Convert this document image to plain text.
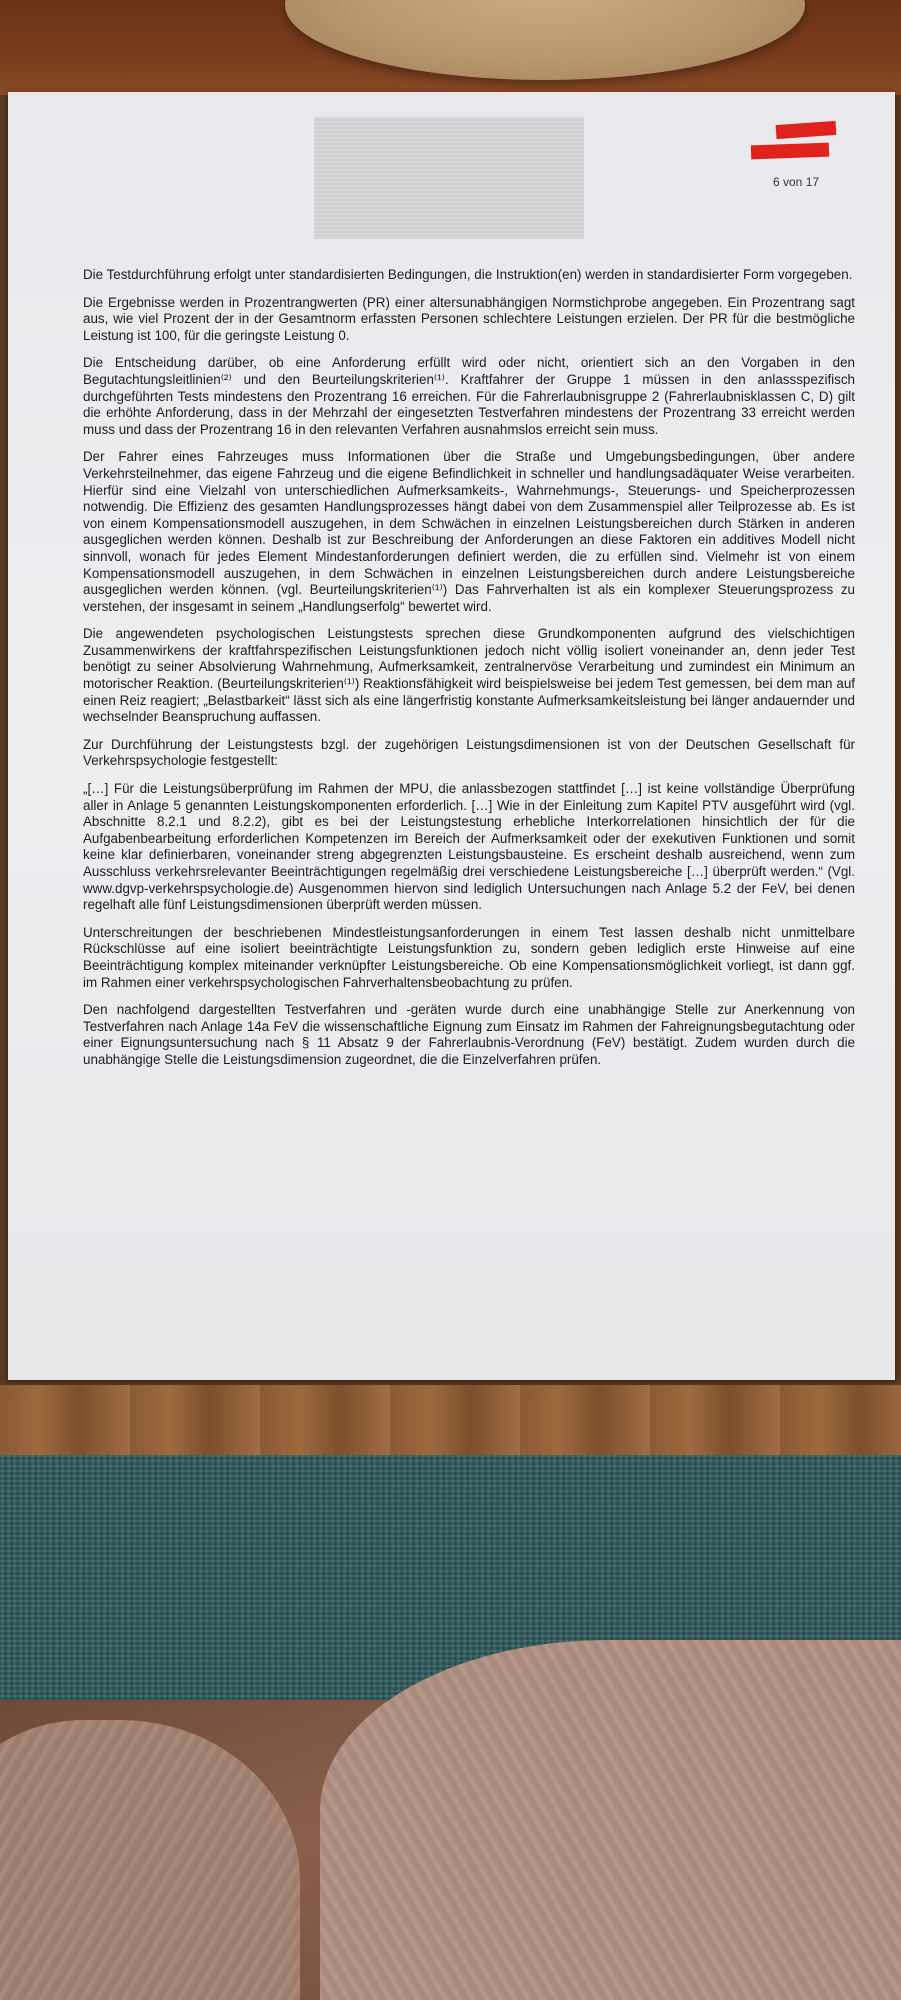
6 von 17

Die Testdurchführung erfolgt unter standardisierten Bedingungen, die Instruktion(en) werden in standardisierter Form vorgegeben.

Die Ergebnisse werden in Prozentrangwerten (PR) einer altersunabhängigen Normstichprobe angegeben. Ein Prozentrang sagt aus, wie viel Prozent der in der Gesamtnorm erfassten Personen schlechtere Leistungen erzielen. Der PR für die bestmögliche Leistung ist 100, für die geringste Leistung 0.

Die Entscheidung darüber, ob eine Anforderung erfüllt wird oder nicht, orientiert sich an den Vorgaben in den Begutachtungsleitlinien⁽²⁾ und den Beurteilungskriterien⁽¹⁾. Kraftfahrer der Gruppe 1 müssen in den anlassspezifisch durchgeführten Tests mindestens den Prozentrang 16 erreichen. Für die Fahrerlaubnisgruppe 2 (Fahrerlaubnisklassen C, D) gilt die erhöhte Anforderung, dass in der Mehrzahl der eingesetzten Testverfahren mindestens der Prozentrang 33 erreicht werden muss und dass der Prozentrang 16 in den relevanten Verfahren ausnahmslos erreicht sein muss.

Der Fahrer eines Fahrzeuges muss Informationen über die Straße und Umgebungsbedingungen, über andere Verkehrsteilnehmer, das eigene Fahrzeug und die eigene Befindlichkeit in schneller und handlungsadäquater Weise verarbeiten. Hierfür sind eine Vielzahl von unterschiedlichen Aufmerksamkeits-, Wahrnehmungs-, Steuerungs- und Speicherprozessen notwendig. Die Effizienz des gesamten Handlungsprozesses hängt dabei von dem Zusammenspiel aller Teilprozesse ab. Es ist von einem Kompensationsmodell auszugehen, in dem Schwächen in einzelnen Leistungsbereichen durch Stärken in anderen ausgeglichen werden können. Deshalb ist zur Beschreibung der Anforderungen an diese Faktoren ein additives Modell nicht sinnvoll, wonach für jedes Element Mindestanforderungen definiert werden, die zu erfüllen sind. Vielmehr ist von einem Kompensationsmodell auszugehen, in dem Schwächen in einzelnen Leistungsbereichen durch andere Leistungsbereiche ausgeglichen werden können. (vgl. Beurteilungskriterien⁽¹⁾) Das Fahrverhalten ist als ein komplexer Steuerungsprozess zu verstehen, der insgesamt in seinem „Handlungserfolg“ bewertet wird.

Die angewendeten psychologischen Leistungstests sprechen diese Grundkomponenten aufgrund des vielschichtigen Zusammenwirkens der kraftfahrspezifischen Leistungsfunktionen jedoch nicht völlig isoliert voneinander an, denn jeder Test benötigt zu seiner Absolvierung Wahrnehmung, Aufmerksamkeit, zentralnervöse Verarbeitung und zumindest ein Minimum an motorischer Reaktion. (Beurteilungskriterien⁽¹⁾) Reaktionsfähigkeit wird beispielsweise bei jedem Test gemessen, bei dem man auf einen Reiz reagiert; „Belastbarkeit“ lässt sich als eine längerfristig konstante Aufmerksamkeitsleistung bei länger andauernder und wechselnder Beanspruchung auffassen.

Zur Durchführung der Leistungstests bzgl. der zugehörigen Leistungsdimensionen ist von der Deutschen Gesellschaft für Verkehrspsychologie festgestellt:

„[…] Für die Leistungsüberprüfung im Rahmen der MPU, die anlassbezogen stattfindet […] ist keine vollständige Überprüfung aller in Anlage 5 genannten Leistungskomponenten erforderlich. […] Wie in der Einleitung zum Kapitel PTV ausgeführt wird (vgl. Abschnitte 8.2.1 und 8.2.2), gibt es bei der Leistungstestung erhebliche Interkorrelationen hinsichtlich der für die Aufgabenbearbeitung erforderlichen Kompetenzen im Bereich der Aufmerksamkeit oder der exekutiven Funktionen und somit keine klar definierbaren, voneinander streng abgegrenzten Leistungsbausteine. Es erscheint deshalb ausreichend, wenn zum Ausschluss verkehrsrelevanter Beeinträchtigungen regelmäßig drei verschiedene Leistungsbereiche […] überprüft werden.“ (Vgl. www.dgvp-verkehrspsychologie.de) Ausgenommen hiervon sind lediglich Untersuchungen nach Anlage 5.2 der FeV, bei denen regelhaft alle fünf Leistungsdimensionen überprüft werden müssen.

Unterschreitungen der beschriebenen Mindestleistungsanforderungen in einem Test lassen deshalb nicht unmittelbare Rückschlüsse auf eine isoliert beeinträchtigte Leistungsfunktion zu, sondern geben lediglich erste Hinweise auf eine Beeinträchtigung komplex miteinander verknüpfter Leistungsbereiche. Ob eine Kompensationsmöglichkeit vorliegt, ist dann ggf. im Rahmen einer verkehrspsychologischen Fahrverhaltensbeobachtung zu prüfen.

Den nachfolgend dargestellten Testverfahren und -geräten wurde durch eine unabhängige Stelle zur Anerkennung von Testverfahren nach Anlage 14a FeV die wissenschaftliche Eignung zum Einsatz im Rahmen der Fahreignungsbegutachtung oder einer Eignungsuntersuchung nach § 11 Absatz 9 der Fahrerlaubnis-Verordnung (FeV) bestätigt. Zudem wurden durch die unabhängige Stelle die Leistungsdimension zugeordnet, die die Einzelverfahren prüfen.
